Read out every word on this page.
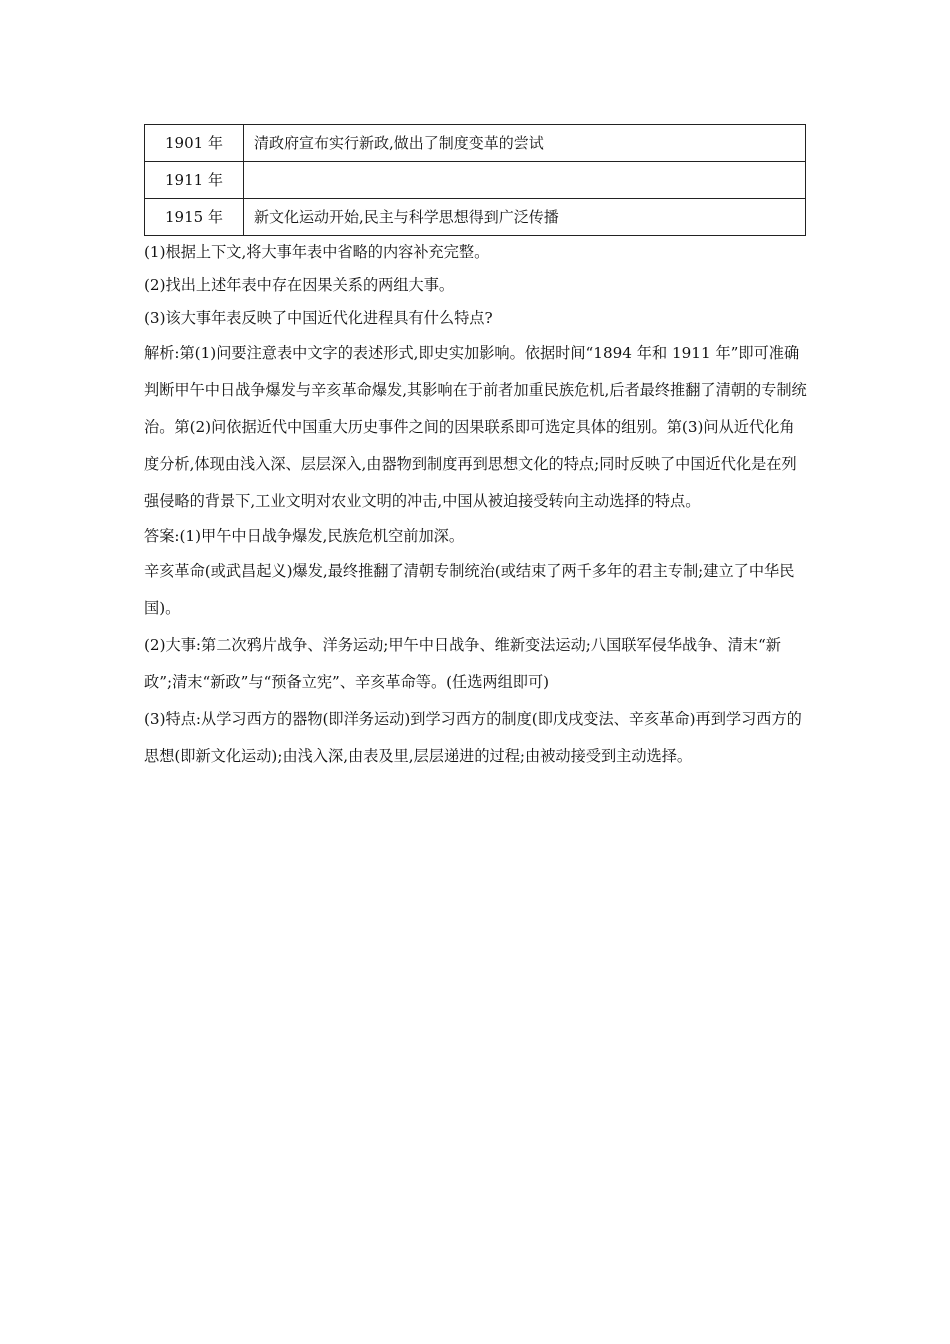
1901 年	清政府宣布实行新政,做出了制度变革的尝试
1911 年	
1915 年	新文化运动开始,民主与科学思想得到广泛传播

(1)根据上下文,将大事年表中省略的内容补充完整。

(2)找出上述年表中存在因果关系的两组大事。

(3)该大事年表反映了中国近代化进程具有什么特点?

解析:第(1)问要注意表中文字的表述形式,即史实加影响。依据时间“1894 年和 1911 年”即可准确判断甲午中日战争爆发与辛亥革命爆发,其影响在于前者加重民族危机,后者最终推翻了清朝的专制统治。第(2)问依据近代中国重大历史事件之间的因果联系即可选定具体的组别。第(3)问从近代化角度分析,体现由浅入深、层层深入,由器物到制度再到思想文化的特点;同时反映了中国近代化是在列强侵略的背景下,工业文明对农业文明的冲击,中国从被迫接受转向主动选择的特点。

答案:(1)甲午中日战争爆发,民族危机空前加深。

辛亥革命(或武昌起义)爆发,最终推翻了清朝专制统治(或结束了两千多年的君主专制;建立了中华民国)。

(2)大事:第二次鸦片战争、洋务运动;甲午中日战争、维新变法运动;八国联军侵华战争、清末“新政”;清末“新政”与“预备立宪”、辛亥革命等。(任选两组即可)

(3)特点:从学习西方的器物(即洋务运动)到学习西方的制度(即戊戌变法、辛亥革命)再到学习西方的思想(即新文化运动);由浅入深,由表及里,层层递进的过程;由被动接受到主动选择。
